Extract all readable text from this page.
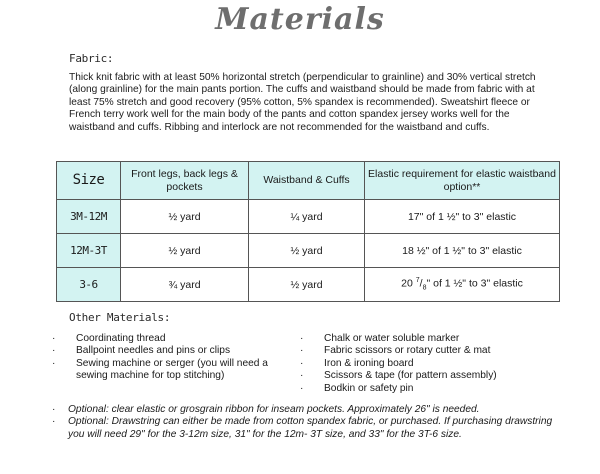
Materials
Fabric:
Thick knit fabric with at least 50% horizontal stretch (perpendicular to grainline) and 30% vertical stretch (along grainline) for the main pants portion. The cuffs and waistband should be made from fabric with at least 75% stretch and good recovery (95% cotton, 5% spandex is recommended). Sweatshirt fleece or French terry work well for the main body of the pants and cotton spandex jersey works well for the waistband and cuffs. Ribbing and interlock are not recommended for the waistband and cuffs.
Size	Front legs, back legs & pockets	Waistband & Cuffs	Elastic requirement for elastic waistband option**
3M-12M	½ yard	¼ yard	17" of 1 ½" to 3" elastic
12M-3T	½ yard	½ yard	18 ½" of 1 ½" to 3" elastic
3-6	¾ yard	½ yard	20 $^7/_8$" of 1 ½" to 3" elastic
Other Materials:
· Coordinating thread
· Ballpoint needles and pins or clips
· Sewing machine or serger (you will need a sewing machine for top stitching)
· Chalk or water soluble marker
· Fabric scissors or rotary cutter & mat
· Iron & ironing board
· Scissors & tape (for pattern assembly)
· Bodkin or safety pin
· Optional: clear elastic or grosgrain ribbon for inseam pockets. Approximately 26" is needed.
· Optional: Drawstring can either be made from cotton spandex fabric, or purchased. If purchasing drawstring you will need 29" for the 3-12m size, 31" for the 12m- 3T size, and 33" for the 3T-6 size.
